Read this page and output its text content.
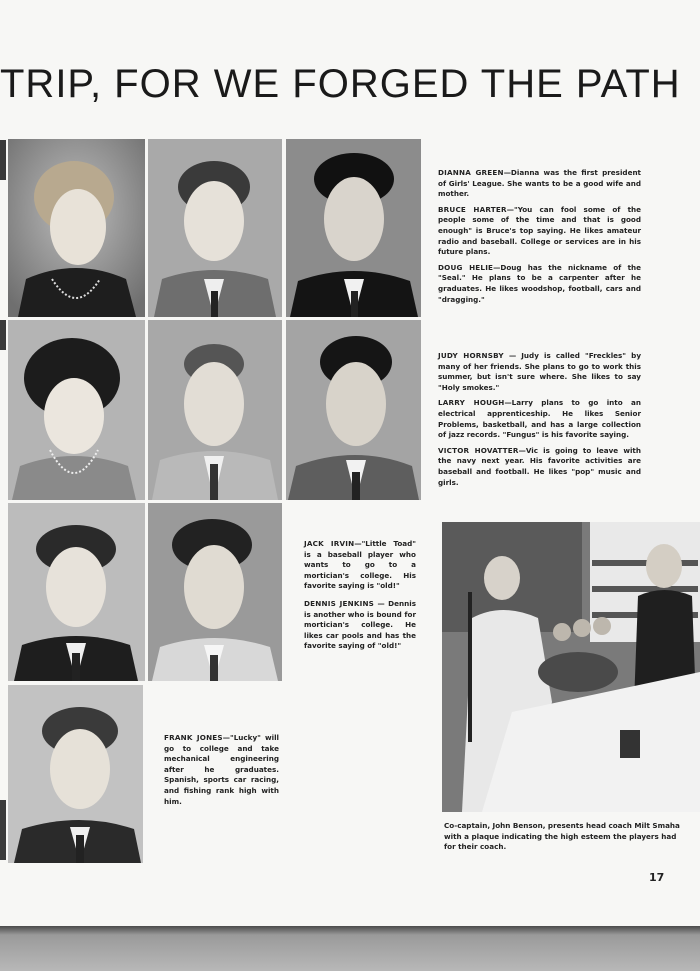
TRIP, FOR WE FORGED THE PATH

DIANNA GREEN—Dianna was the first president of Girls' League. She wants to be a good wife and mother.

BRUCE HARTER—"You can fool some of the people some of the time and that is good enough" is Bruce's top saying. He likes amateur radio and baseball. College or services are in his future plans.

DOUG HELIE—Doug has the nickname of the "Seal." He plans to be a carpenter after he graduates. He likes woodshop, football, cars and "dragging."

JUDY HORNSBY — Judy is called "Freckles" by many of her friends. She plans to go to work this summer, but isn't sure where. She likes to say "Holy smokes."

LARRY HOUGH—Larry plans to go into an electrical apprenticeship. He likes Senior Problems, basketball, and has a large collection of jazz records. "Fungus" is his favorite saying.

VICTOR HOVATTER—Vic is going to leave with the navy next year. His favorite activities are baseball and football. He likes "pop" music and girls.

JACK IRVIN—"Little Toad" is a baseball player who wants to go to a mortician's college. His favorite saying is "old!"

DENNIS JENKINS — Dennis is another who is bound for mortician's college. He likes car pools and has the favorite saying of "old!"

FRANK JONES—"Lucky" will go to college and take mechanical engineering after he graduates. Spanish, sports car racing, and fishing rank high with him.

Co-captain, John Benson, presents head coach Milt Smaha with a plaque indicating the high esteem the players had for their coach.

17
